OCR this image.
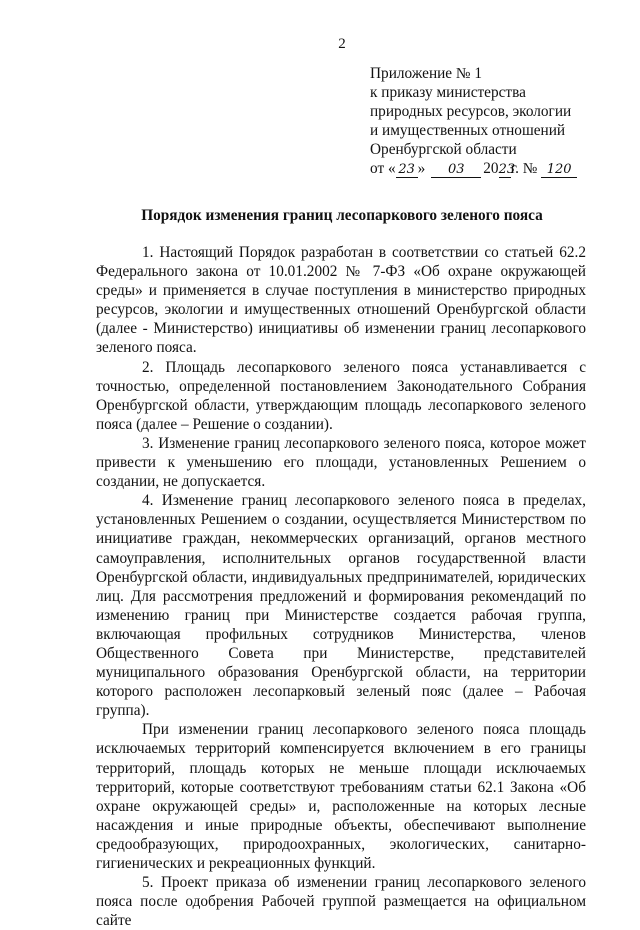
2
Приложение № 1
к приказу министерства
природных ресурсов, экологии
и имущественных отношений
Оренбургской области
от « 23 » 03 2023г. № 120
Порядок изменения границ лесопаркового зеленого пояса

1. Настоящий Порядок разработан в соответствии со статьей 62.2 Федерального закона от 10.01.2002 № 7-ФЗ «Об охране окружающей среды» и применяется в случае поступления в министерство природных ресурсов, экологии и имущественных отношений Оренбургской области (далее - Министерство) инициативы об изменении границ лесопаркового зеленого пояса.

2. Площадь лесопаркового зеленого пояса устанавливается с точностью, определенной постановлением Законодательного Собрания Оренбургской области, утверждающим площадь лесопаркового зеленого пояса (далее – Решение о создании).

3. Изменение границ лесопаркового зеленого пояса, которое может привести к уменьшению его площади, установленных Решением о создании, не допускается.

4. Изменение границ лесопаркового зеленого пояса в пределах, установленных Решением о создании, осуществляется Министерством по инициативе граждан, некоммерческих организаций, органов местного самоуправления, исполнительных органов государственной власти Оренбургской области, индивидуальных предпринимателей, юридических лиц. Для рассмотрения предложений и формирования рекомендаций по изменению границ при Министерстве создается рабочая группа, включающая профильных сотрудников Министерства, членов Общественного Совета при Министерстве, представителей муниципального образования Оренбургской области, на территории которого расположен лесопарковый зеленый пояс (далее – Рабочая группа).

При изменении границ лесопаркового зеленого пояса площадь исключаемых территорий компенсируется включением в его границы территорий, площадь которых не меньше площади исключаемых территорий, которые соответствуют требованиям статьи 62.1 Закона «Об охране окружающей среды» и, расположенные на которых лесные насаждения и иные природные объекты, обеспечивают выполнение средообразующих, природоохранных, экологических, санитарно-гигиенических и рекреационных функций.

5. Проект приказа об изменении границ лесопаркового зеленого пояса после одобрения Рабочей группой размещается на официальном сайте
